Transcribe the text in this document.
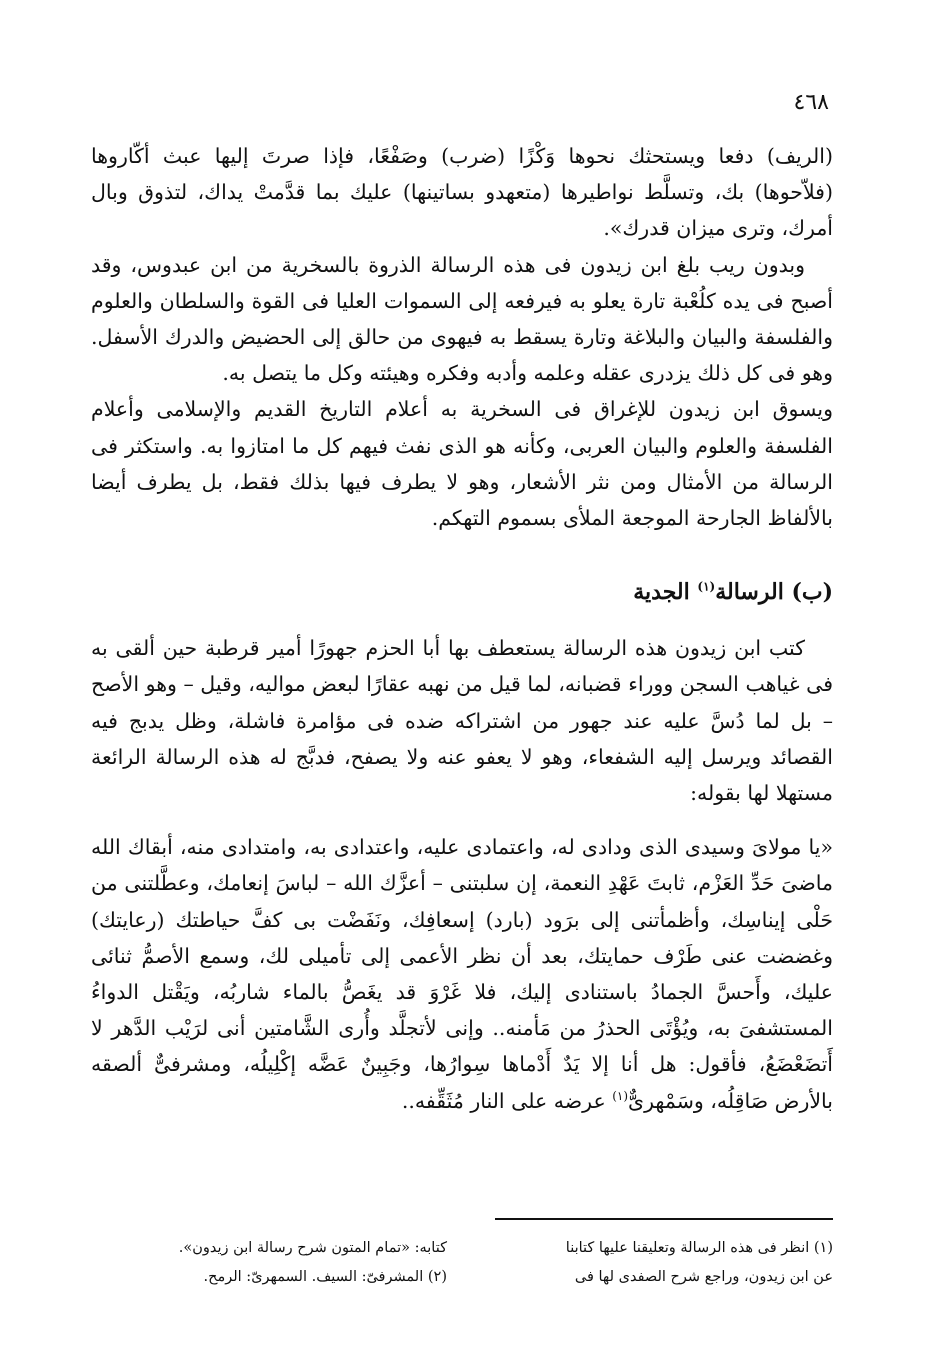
٤٦٨

(الريف) دفعا ويستحثك نحوها وَكْزًا (ضرب) وصَفْعًا، فإذا صرتَ إليها عبث أكّاروها (فلاّحوها) بك، وتسلَّط نواطيرها (متعهدو بساتينها) عليك بما قدَّمتْ يداك، لتذوق وبال أمرك، وترى ميزان قدرك».

وبدون ريب بلغ ابن زيدون فى هذه الرسالة الذروة بالسخرية من ابن عبدوس، وقد أصبح فى يده كلُعْبة تارة يعلو به فيرفعه إلى السموات العليا فى القوة والسلطان والعلوم والفلسفة والبيان والبلاغة وتارة يسقط به فيهوى من حالق إلى الحضيض والدرك الأسفل. وهو فى كل ذلك يزدرى عقله وعلمه وأدبه وفكره وهيئته وكل ما يتصل به.

ويسوق ابن زيدون للإغراق فى السخرية به أعلام التاريخ القديم والإسلامى وأعلام الفلسفة والعلوم والبيان العربى، وكأنه هو الذى نفث فيهم كل ما امتازوا به. واستكثر فى الرسالة من الأمثال ومن نثر الأشعار، وهو لا يطرف فيها بذلك فقط، بل يطرف أيضا بالألفاظ الجارحة الموجعة الملأى بسموم التهكم.

(ب) الرسالة$^{(١)}$ الجدية

كتب ابن زيدون هذه الرسالة يستعطف بها أبا الحزم جهورًا أمير قرطبة حين ألقى به فى غياهب السجن ووراء قضبانه، لما قيل من نهبه عقارًا لبعض مواليه، وقيل – وهو الأصح – بل لما دُسَّ عليه عند جهور من اشتراكه ضده فى مؤامرة فاشلة، وظل يدبج فيه القصائد ويرسل إليه الشفعاء، وهو لا يعفو عنه ولا يصفح، فدبَّج له هذه الرسالة الرائعة مستهلا لها بقوله:

«يا مولاىَ وسيدى الذى ودادى له، واعتمادى عليه، واعتدادى به، وامتدادى منه، أبقاك الله ماضىَ حَدِّ العَزْم، ثابتَ عَهْدِ النعمة، إن سلبتنى – أعزَّك الله – لباسَ إنعامك، وعطَّلتنى من حَلْى إيناسِك، وأظمأتنى إلى برَود (بارد) إسعافِك، ونَفَضْت بى كفَّ حياطتك (رعايتك) وغضضت عنى طَرْف حمايتك، بعد أن نظر الأعمى إلى تأميلى لك، وسمع الأصمُّ ثنائى عليك، وأَحسَّ الجمادُ باستنادى إليك، فلا غَرْوَ قد يغَصُّ بالماء شاربُه، ويَقْتل الدواءُ المستشفىَ به، ويُؤْتَى الحذرُ من مَأمنه.. وإنى لأتجلَّد وأُرى الشَّامتين أنى لرَيْب الدَّهر لا أَتضَعْضَعُ، فأقول: هل أنا إلا يَدٌ أَدْماها سِوارُها، وجَبِينٌ عَضَّه إكْلِيلُه، ومشرفىٌّ ألصقه بالأرض صَاقِلُه، وسَمْهرىٌّ$^{(١)}$ عرضه على النار مُثَقِّفه..

(١) انظر فى هذه الرسالة وتعليقنا عليها كتابنا

عن ابن زيدون، وراجع شرح الصفدى لها فى

كتابه: «تمام المتون شرح رسالة ابن زيدون».

(٢) المشرفىّ: السيف. السمهرىّ: الرمح.
